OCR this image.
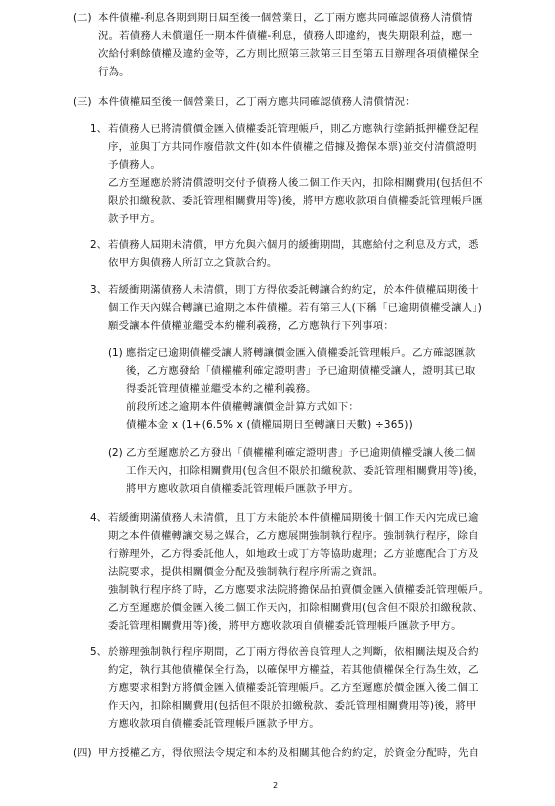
(二) 本件債權-利息各期到期日屆至後一個營業日，乙丁兩方應共同確認債務人清償情
況。若債務人未償還任一期本件債權-利息，債務人即違約，喪失期限利益，應一
次給付剩餘債權及違約金等，乙方則比照第三款第三目至第五目辦理各項債權保全
行為。
(三) 本件債權屆至後一個營業日，乙丁兩方應共同確認債務人清償情況：
1、 若債務人已將清償價金匯入債權委託管理帳戶，則乙方應執行塗銷抵押權登記程
序，並與丁方共同作廢借款文件(如本件債權之借據及擔保本票)並交付清償證明
予債務人。
乙方至遲應於將清償證明交付予債務人後二個工作天內，扣除相關費用(包括但不
限於扣繳稅款、委託管理相關費用等)後，將甲方應收款項自債權委託管理帳戶匯
款予甲方。
2、 若債務人屆期未清償，甲方允與六個月的緩衝期間，其應給付之利息及方式，悉
依甲方與債務人所訂立之貸款合約。
3、 若緩衝期滿債務人未清償，則丁方得依委託轉讓合約約定，於本件債權屆期後十
個工作天內媒合轉讓已逾期之本件債權。若有第三人(下稱「已逾期債權受讓人」)
願受讓本件債權並繼受本約權利義務，乙方應執行下列事項：
(1) 應指定已逾期債權受讓人將轉讓價金匯入債權委託管理帳戶。乙方確認匯款
後，乙方應發給「債權權利確定證明書」予已逾期債權受讓人，證明其已取
得委託管理債權並繼受本約之權利義務。
前段所述之逾期本件債權轉讓價金計算方式如下：
債權本金 x (1+(6.5% x (債權屆期日至轉讓日天數) ÷365))
(2) 乙方至遲應於乙方發出「債權權利確定證明書」予已逾期債權受讓人後二個
工作天內，扣除相關費用(包含但不限於扣繳稅款、委託管理相關費用等)後，
將甲方應收款項自債權委託管理帳戶匯款予甲方。
4、 若緩衝期滿債務人未清償，且丁方未能於本件債權屆期後十個工作天內完成已逾
期之本件債權轉讓交易之媒合，乙方應展開強制執行程序。強制執行程序，除自
行辦理外，乙方得委託他人，如地政士或丁方等協助處理；乙方並應配合丁方及
法院要求，提供相關價金分配及強制執行程序所需之資訊。
強制執行程序終了時，乙方應要求法院將擔保品拍賣價金匯入債權委託管理帳戶。
乙方至遲應於價金匯入後二個工作天內，扣除相關費用(包含但不限於扣繳稅款、
委託管理相關費用等)後，將甲方應收款項自債權委託管理帳戶匯款予甲方。
5、 於辦理強制執行程序期間，乙丁兩方得依善良管理人之判斷，依相關法規及合約
約定，執行其他債權保全行為，以確保甲方權益，若其他債權保全行為生效，乙
方應要求相對方將價金匯入債權委託管理帳戶。乙方至遲應於價金匯入後二個工
作天內，扣除相關費用(包括但不限於扣繳稅款、委託管理相關費用等)後，將甲
方應收款項自債權委託管理帳戶匯款予甲方。
(四) 甲方授權乙方，得依照法令規定和本約及相關其他合約約定，於資金分配時，先自
2
